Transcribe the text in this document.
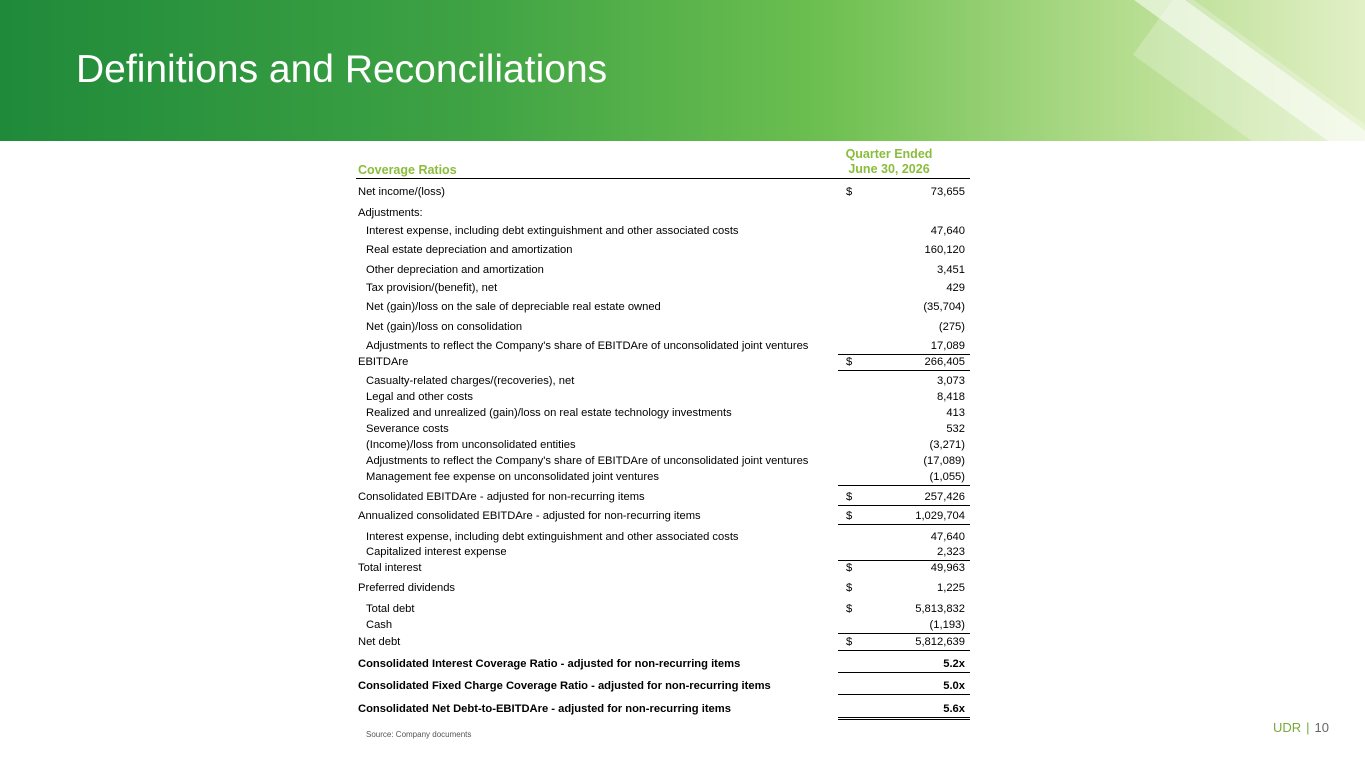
Definitions and Reconciliations
Coverage Ratios
Quarter Ended
June 30, 2026
Net income/(loss)	$	73,655
Adjustments:
Interest expense, including debt extinguishment and other associated costs	47,640
Real estate depreciation and amortization	160,120
Other depreciation and amortization	3,451
Tax provision/(benefit), net	429
Net (gain)/loss on the sale of depreciable real estate owned	(35,704)
Net (gain)/loss on consolidation	(275)
Adjustments to reflect the Company's share of EBITDAre of unconsolidated joint ventures	17,089
EBITDAre	$	266,405
Casualty-related charges/(recoveries), net	3,073
Legal and other costs	8,418
Realized and unrealized (gain)/loss on real estate technology investments	413
Severance costs	532
(Income)/loss from unconsolidated entities	(3,271)
Adjustments to reflect the Company's share of EBITDAre of unconsolidated joint ventures	(17,089)
Management fee expense on unconsolidated joint ventures	(1,055)
Consolidated EBITDAre - adjusted for non-recurring items	$	257,426
Annualized consolidated EBITDAre - adjusted for non-recurring items	$	1,029,704
Interest expense, including debt extinguishment and other associated costs	47,640
Capitalized interest expense	2,323
Total interest	$	49,963
Preferred dividends	$	1,225
Total debt	$	5,813,832
Cash	(1,193)
Net debt	$	5,812,639
Consolidated Interest Coverage Ratio - adjusted for non-recurring items	5.2x
Consolidated Fixed Charge Coverage Ratio - adjusted for non-recurring items	5.0x
Consolidated Net Debt-to-EBITDAre - adjusted for non-recurring items	5.6x
Source: Company documents	UDR | 10
